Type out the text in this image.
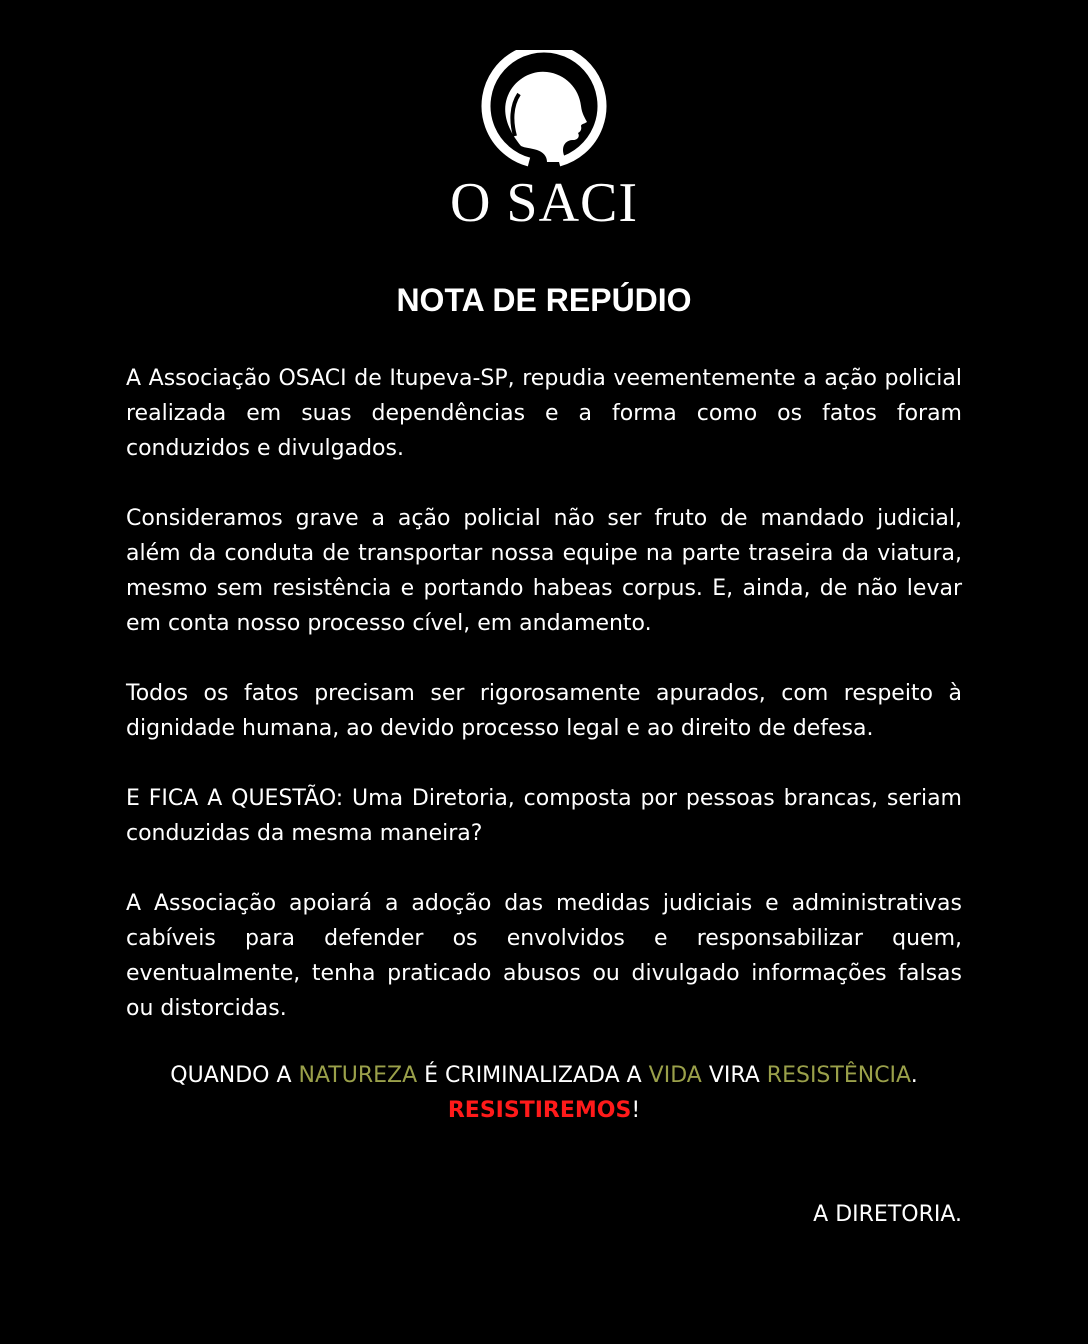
O SACI
NOTA DE REPÚDIO

A Associação OSACI de Itupeva-SP, repudia veementemente a ação policial realizada em suas dependências e a forma como os fatos foram conduzidos e divulgados.

Consideramos grave a ação policial não ser fruto de mandado judicial, além da conduta de transportar nossa equipe na parte traseira da viatura, mesmo sem resistência e portando habeas corpus. E, ainda, de não levar em conta nosso processo cível, em andamento.

Todos os fatos precisam ser rigorosamente apurados, com respeito à dignidade humana, ao devido processo legal e ao direito de defesa.

E FICA A QUESTÃO: Uma Diretoria, composta por pessoas brancas, seriam conduzidas da mesma maneira?

A Associação apoiará a adoção das medidas judiciais e administrativas cabíveis para defender os envolvidos e responsabilizar quem, eventualmente, tenha praticado abusos ou divulgado informações falsas ou distorcidas.

QUANDO A NATUREZA É CRIMINALIZADA A VIDA VIRA RESISTÊNCIA.
RESISTIREMOS!
A DIRETORIA.
